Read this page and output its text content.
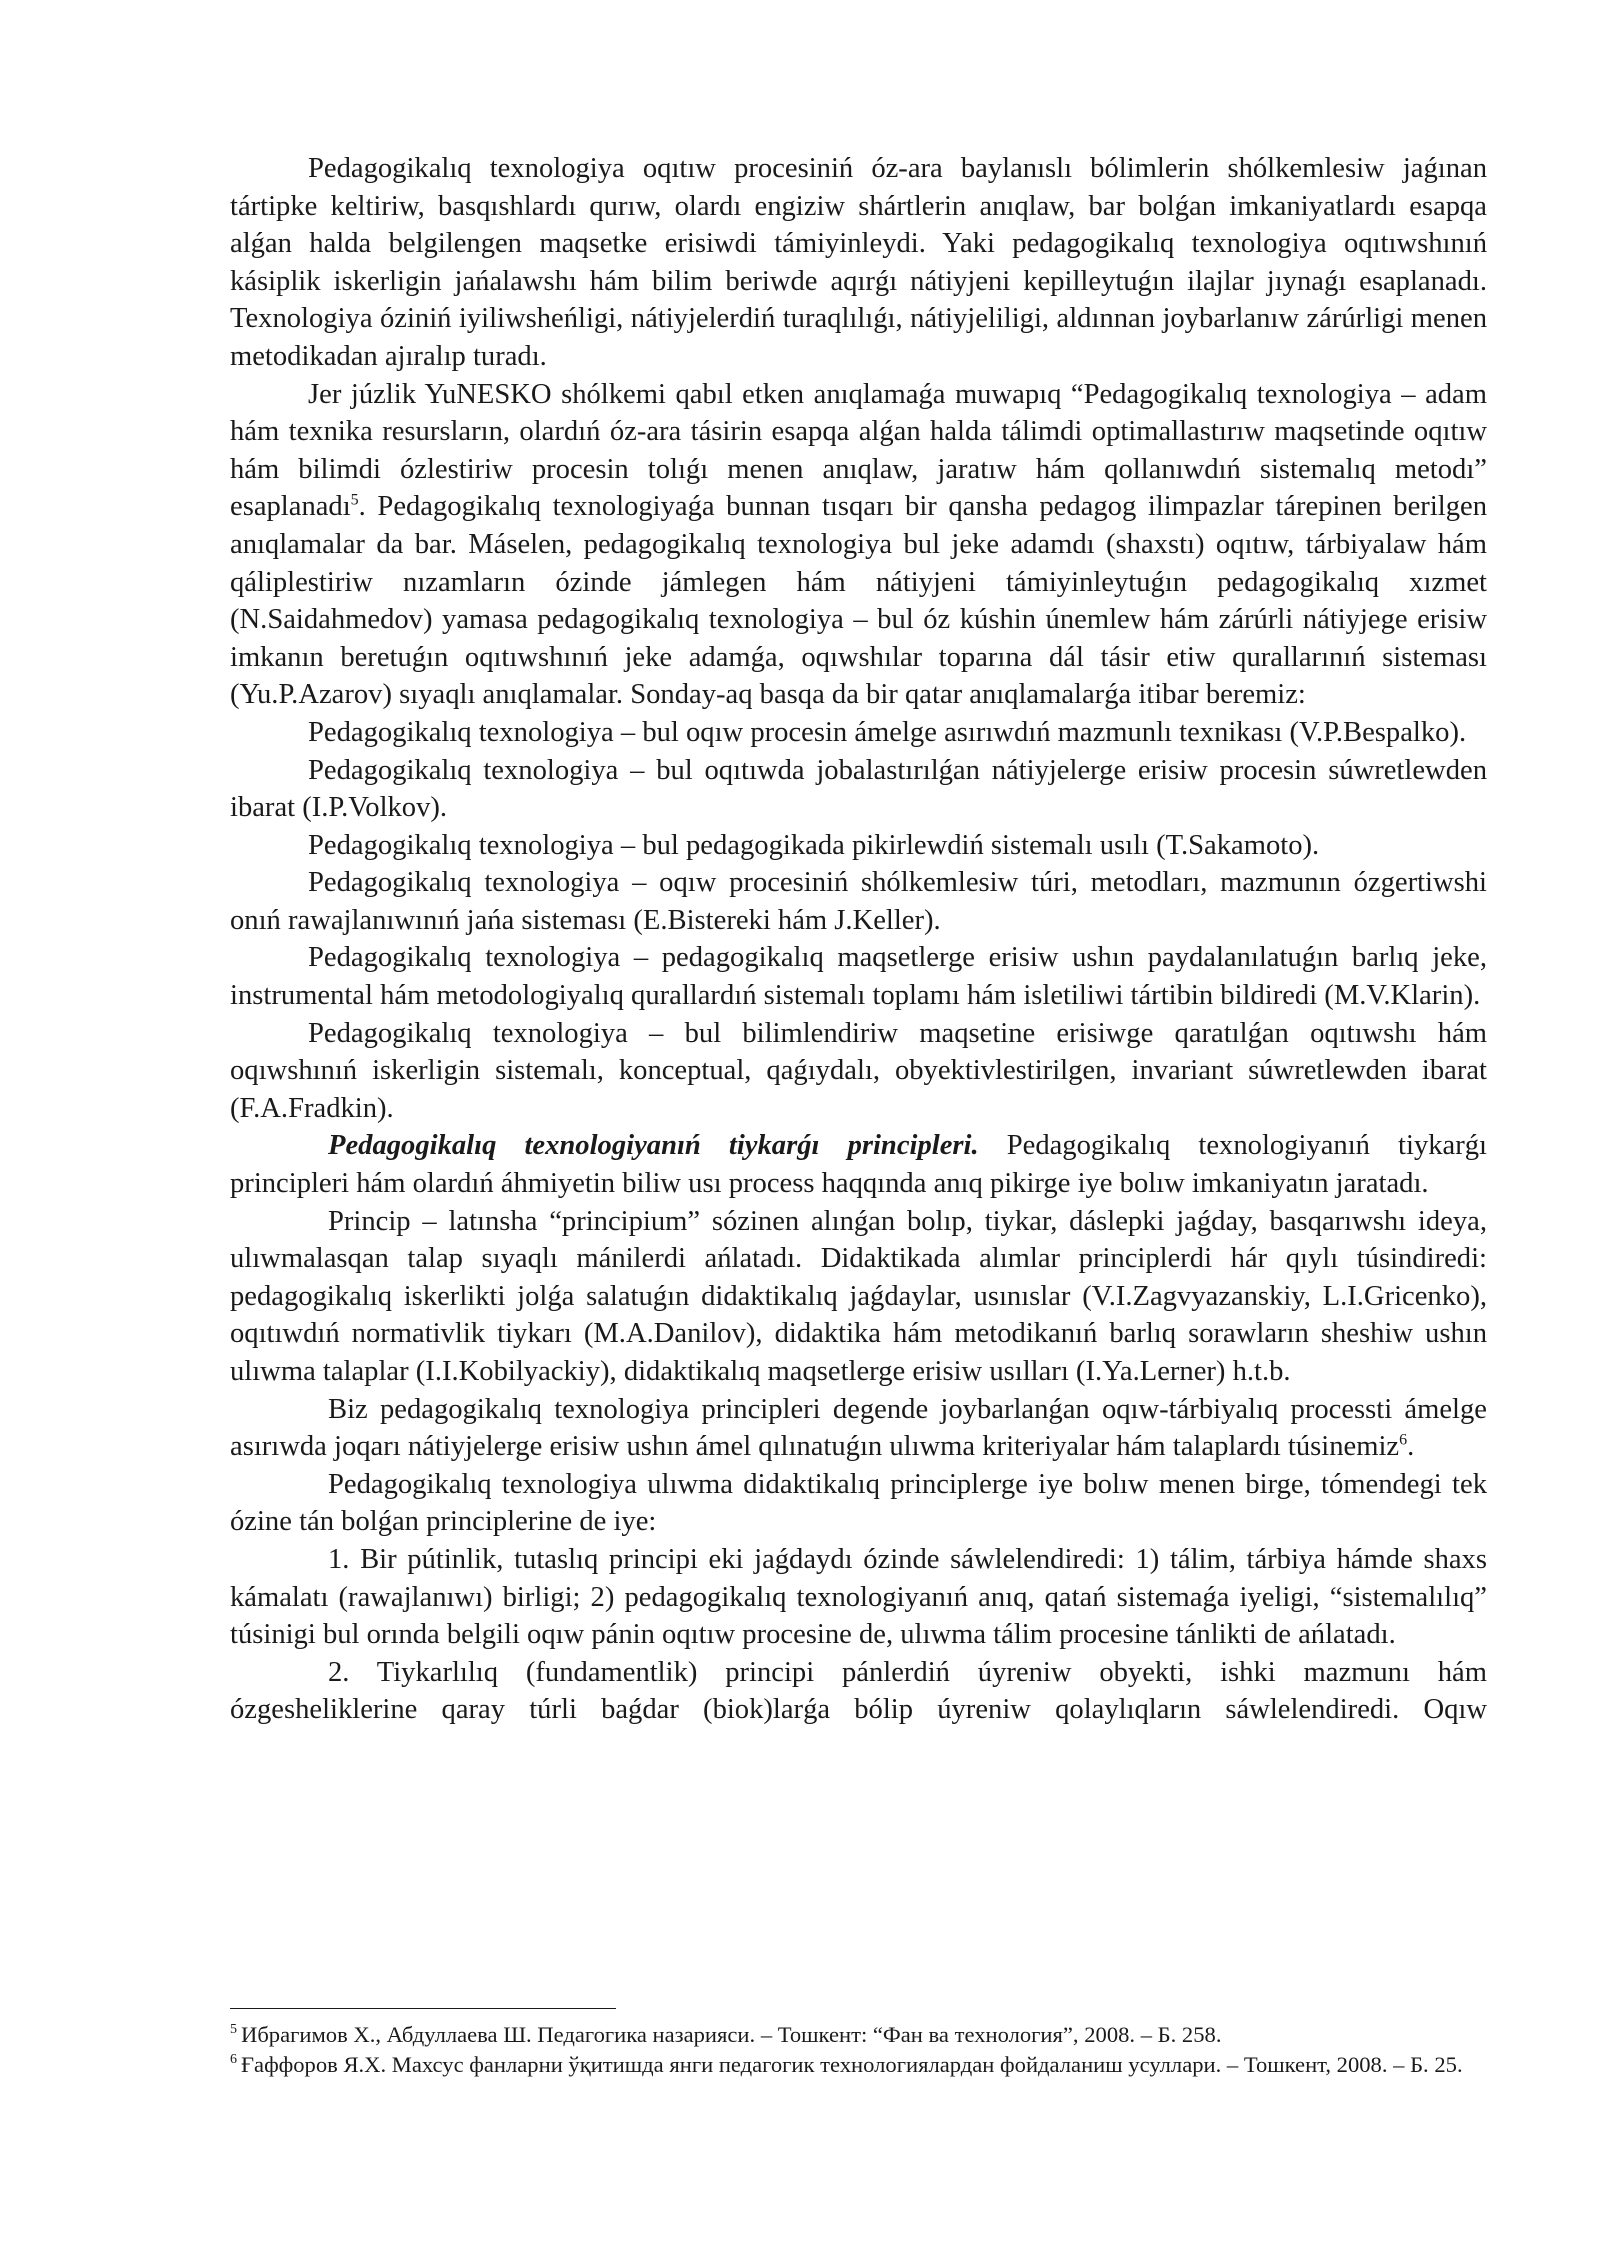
Pedagogikalıq texnologiya oqıtıw procesiniń óz-ara baylanıslı bólimlerin shólkemlesiw jaǵınan tártipke keltiriw, basqıshlardı qurıw, olardı engiziw shártlerin anıqlaw, bar bolǵan imkaniyatlardı esapqa alǵan halda belgilengen maqsetke erisiwdi támiyinleydi. Yaki pedagogikalıq texnologiya oqıtıwshınıń kásiplik iskerligin jańalawshı hám bilim beriwde aqırǵı nátiyjeni kepilleytuǵın ilajlar jıynaǵı esaplanadı. Texnologiya óziniń iyiliwsheńligi, nátiyjelerdiń turaqlılıǵı, nátiyjeliligi, aldınnan joybarlanıw zárúrligi menen metodikadan ajıralıp turadı.

Jer júzlik YuNESKO shólkemi qabıl etken anıqlamaǵa muwapıq “Pedagogikalıq texnologiya – adam hám texnika resursların, olardıń óz-ara tásirin esapqa alǵan halda tálimdi optimallastırıw maqsetinde oqıtıw hám bilimdi ózlestiriw procesin tolıǵı menen anıqlaw, jaratıw hám qollanıwdıń sistemalıq metodı” esaplanadı$^5$. Pedagogikalıq texnologiyaǵa bunnan tısqarı bir qansha pedagog ilimpazlar tárepinen berilgen anıqlamalar da bar. Máselen, pedagogikalıq texnologiya bul jeke adamdı (shaxstı) oqıtıw, tárbiyalaw hám qáliplestiriw nızamların ózinde jámlegen hám nátiyjeni támiyinleytuǵın pedagogikalıq xızmet (N.Saidahmedov) yamasa pedagogikalıq texnologiya – bul óz kúshin únemlew hám zárúrli nátiyjege erisiw imkanın beretuǵın oqıtıwshınıń jeke adamǵa, oqıwshılar toparına dál tásir etiw qurallarınıń sisteması (Yu.P.Azarov) sıyaqlı anıqlamalar. Sonday-aq basqa da bir qatar anıqlamalarǵa itibar beremiz:

Pedagogikalıq texnologiya – bul oqıw procesin ámelge asırıwdıń mazmunlı texnikası (V.P.Bespalko).

Pedagogikalıq texnologiya – bul oqıtıwda jobalastırılǵan nátiyjelerge erisiw procesin súwretlewden ibarat (I.P.Volkov).

Pedagogikalıq texnologiya – bul pedagogikada pikirlewdiń sistemalı usılı (T.Sakamoto).

Pedagogikalıq texnologiya – oqıw procesiniń shólkemlesiw túri, metodları, mazmunın ózgertiwshi onıń rawajlanıwınıń jańa sisteması (E.Bistereki hám J.Keller).

Pedagogikalıq texnologiya – pedagogikalıq maqsetlerge erisiw ushın paydalanılatuǵın barlıq jeke, instrumental hám metodologiyalıq qurallardıń sistemalı toplamı hám isletiliwi tártibin bildiredi (M.V.Klarin).

Pedagogikalıq texnologiya – bul bilimlendiriw maqsetine erisiwge qaratılǵan oqıtıwshı hám oqıwshınıń iskerligin sistemalı, konceptual, qaǵıydalı, obyektivlestirilgen, invariant súwretlewden ibarat (F.A.Fradkin).

Pedagogikalıq texnologiyanıń tiykarǵı principleri. Pedagogikalıq texnologiyanıń tiykarǵı principleri hám olardıń áhmiyetin biliw usı process haqqında anıq pikirge iye bolıw imkaniyatın jaratadı.

Princip – latınsha “principium” sózinen alınǵan bolıp, tiykar, dáslepki jaǵday, basqarıwshı ideya, ulıwmalasqan talap sıyaqlı mánilerdi ańlatadı. Didaktikada alımlar principlerdi hár qıylı túsindiredi: pedagogikalıq iskerlikti jolǵa salatuǵın didaktikalıq jaǵdaylar, usınıslar (V.I.Zagvyazanskiy, L.I.Gricenko), oqıtıwdıń normativlik tiykarı (M.A.Danilov), didaktika hám metodikanıń barlıq sorawların sheshiw ushın ulıwma talaplar (I.I.Kobilyackiy), didaktikalıq maqsetlerge erisiw usılları (I.Ya.Lerner) h.t.b.

Biz pedagogikalıq texnologiya principleri degende joybarlanǵan oqıw-tárbiyalıq processti ámelge asırıwda joqarı nátiyjelerge erisiw ushın ámel qılınatuǵın ulıwma kriteriyalar hám talaplardı túsinemiz$^6$.

Pedagogikalıq texnologiya ulıwma didaktikalıq principlerge iye bolıw menen birge, tómendegi tek ózine tán bolǵan principlerine de iye:

1. Bir pútinlik, tutaslıq principi eki jaǵdaydı ózinde sáwlelendiredi: 1) tálim, tárbiya hámde shaxs kámalatı (rawajlanıwı) birligi; 2) pedagogikalıq texnologiyanıń anıq, qatań sistemaǵa iyeligi, “sistemalılıq” túsinigi bul orında belgili oqıw pánin oqıtıw procesine de, ulıwma tálim procesine tánlikti de ańlatadı.

2. Tiykarlılıq (fundamentlik) principi pánlerdiń úyreniw obyekti, ishki mazmunı hám ózgesheliklerine qaray túrli baǵdar (biok)larǵa bólip úyreniw qolaylıqların sáwlelendiredi. Oqıw

$^5$ Ибрагимов Х., Абдуллаева Ш. Педагогика назарияси. – Тошкент: “Фан ва технология”, 2008. – Б. 258.

$^6$ Ғаффоров Я.Х. Махсус фанларни ўқитишда янги педагогик технологиялардан фойдаланиш усуллари. – Тошкент, 2008. – Б. 25.
